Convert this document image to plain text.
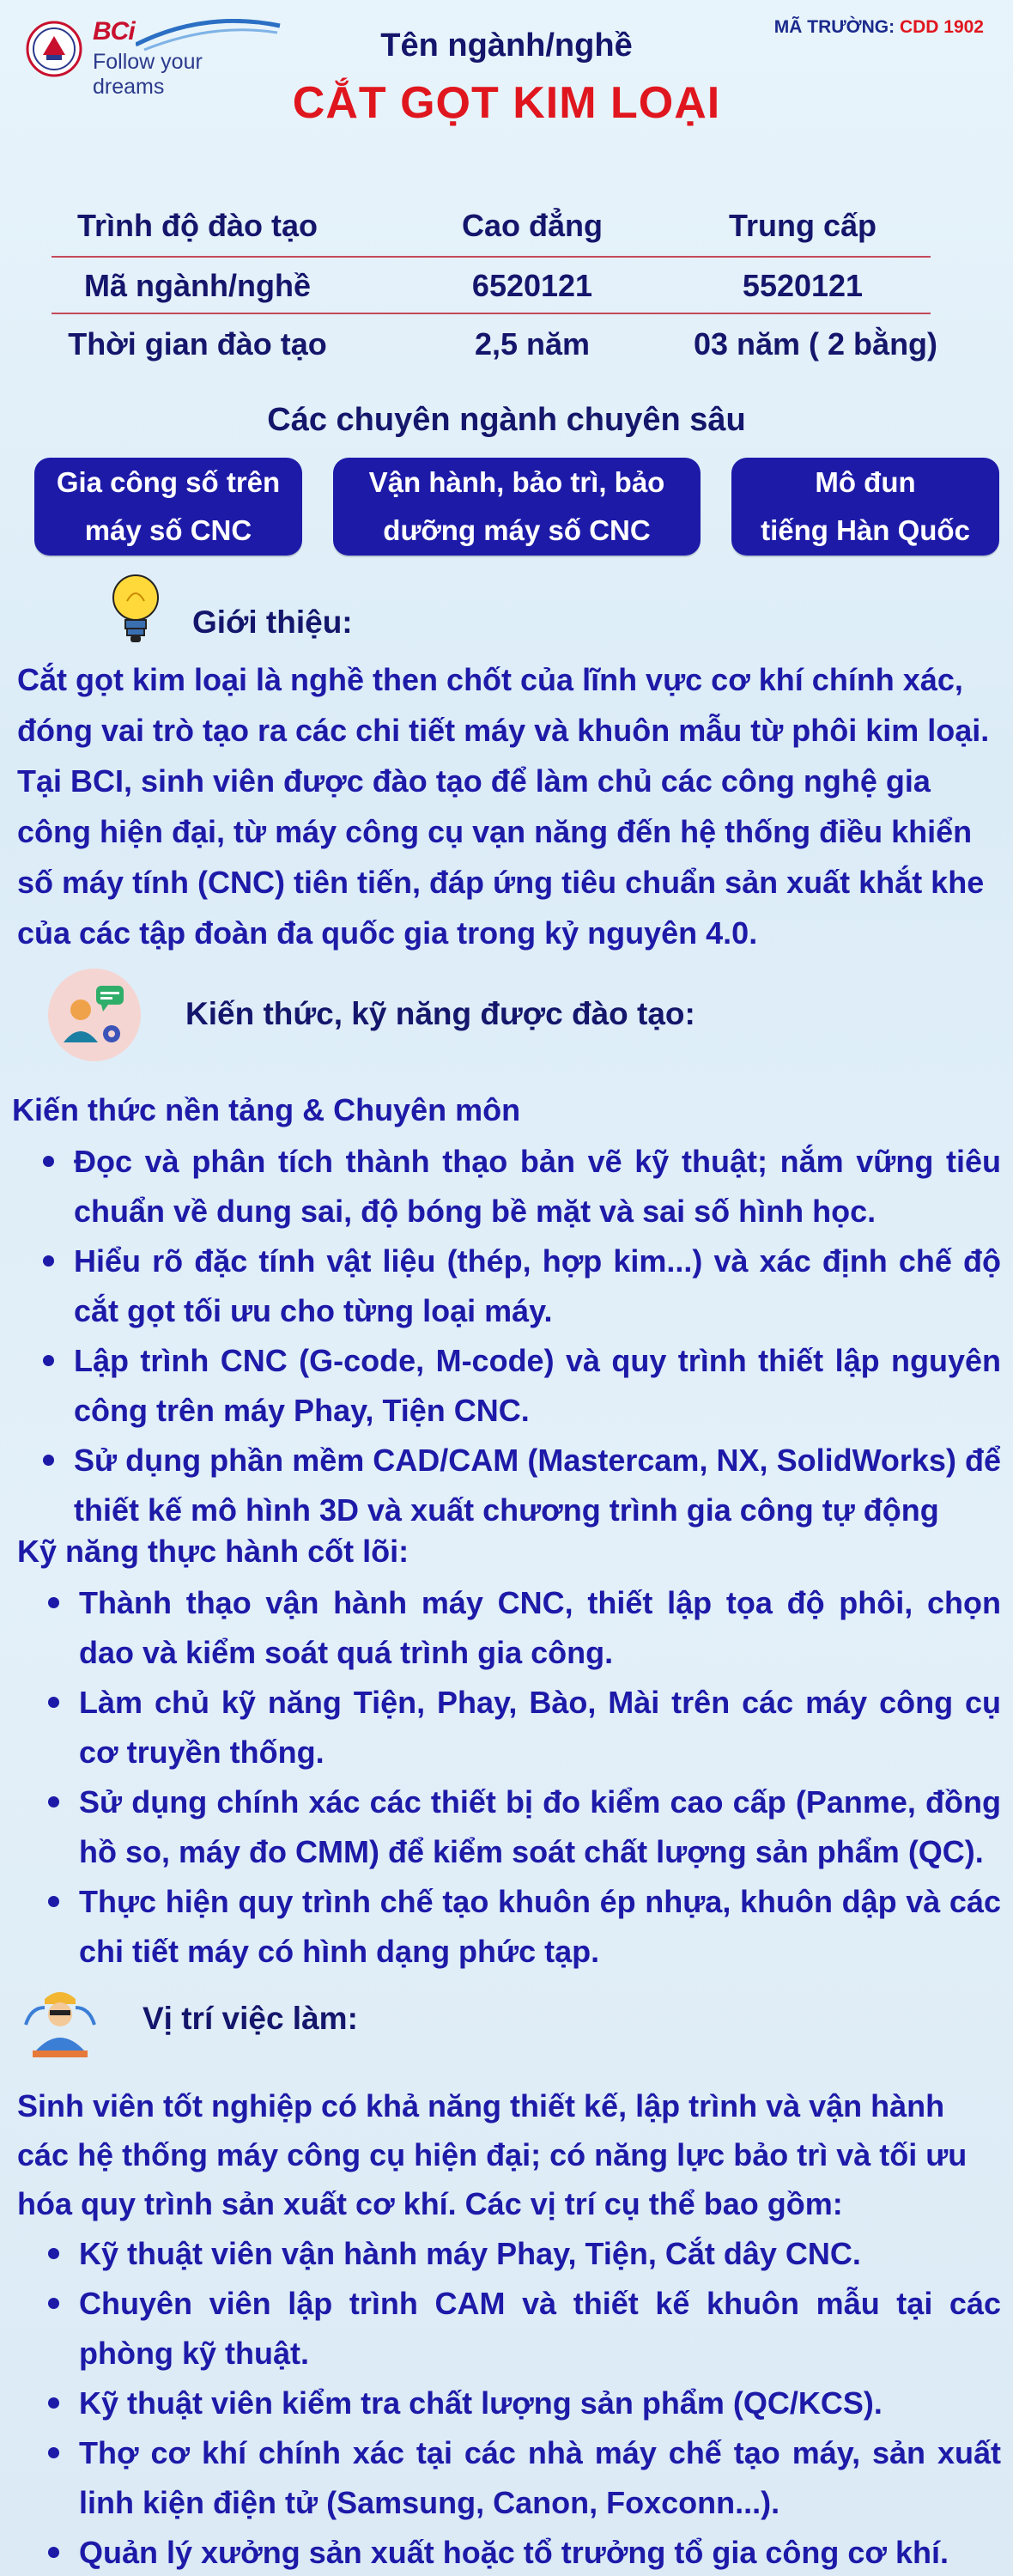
BCi
Follow your dreams
MÃ TRƯỜNG: CDD 1902
Tên ngành/nghề
CẮT GỌT KIM LOẠI
Trình độ đào tạo	Cao đẳng	Trung cấp
Mã ngành/nghề	6520121	5520121
Thời gian đào tạo	2,5 năm	03 năm ( 2 bằng)
Các chuyên ngành chuyên sâu
Gia công số trên
máy số CNC
Vận hành, bảo trì, bảo
dưỡng máy số CNC
Mô đun
tiếng Hàn Quốc
Giới thiệu:
Cắt gọt kim loại là nghề then chốt của lĩnh vực cơ khí chính xác, đóng vai trò tạo ra các chi tiết máy và khuôn mẫu từ phôi kim loại. Tại BCI, sinh viên được đào tạo để làm chủ các công nghệ gia công hiện đại, từ máy công cụ vạn năng đến hệ thống điều khiển số máy tính (CNC) tiên tiến, đáp ứng tiêu chuẩn sản xuất khắt khe của các tập đoàn đa quốc gia trong kỷ nguyên 4.0.
Kiến thức, kỹ năng được đào tạo:
Kiến thức nền tảng & Chuyên môn
Đọc và phân tích thành thạo bản vẽ kỹ thuật; nắm vững tiêu chuẩn về dung sai, độ bóng bề mặt và sai số hình học.
Hiểu rõ đặc tính vật liệu (thép, hợp kim...) và xác định chế độ cắt gọt tối ưu cho từng loại máy.
Lập trình CNC (G-code, M-code) và quy trình thiết lập nguyên công trên máy Phay, Tiện CNC.
Sử dụng phần mềm CAD/CAM (Mastercam, NX, SolidWorks) để thiết kế mô hình 3D và xuất chương trình gia công tự động
Kỹ năng thực hành cốt lõi:
Thành thạo vận hành máy CNC, thiết lập tọa độ phôi, chọn dao và kiểm soát quá trình gia công.
Làm chủ kỹ năng Tiện, Phay, Bào, Mài trên các máy công cụ cơ truyền thống.
Sử dụng chính xác các thiết bị đo kiểm cao cấp (Panme, đồng hồ so, máy đo CMM) để kiểm soát chất lượng sản phẩm (QC).
Thực hiện quy trình chế tạo khuôn ép nhựa, khuôn dập và các chi tiết máy có hình dạng phức tạp.
Vị trí việc làm:
Sinh viên tốt nghiệp có khả năng thiết kế, lập trình và vận hành các hệ thống máy công cụ hiện đại; có năng lực bảo trì và tối ưu hóa quy trình sản xuất cơ khí. Các vị trí cụ thể bao gồm:
Kỹ thuật viên vận hành máy Phay, Tiện, Cắt dây CNC.
Chuyên viên lập trình CAM và thiết kế khuôn mẫu tại các phòng kỹ thuật.
Kỹ thuật viên kiểm tra chất lượng sản phẩm (QC/KCS).
Thợ cơ khí chính xác tại các nhà máy chế tạo máy, sản xuất linh kiện điện tử (Samsung, Canon, Foxconn...).
Quản lý xưởng sản xuất hoặc tổ trưởng tổ gia công cơ khí.
